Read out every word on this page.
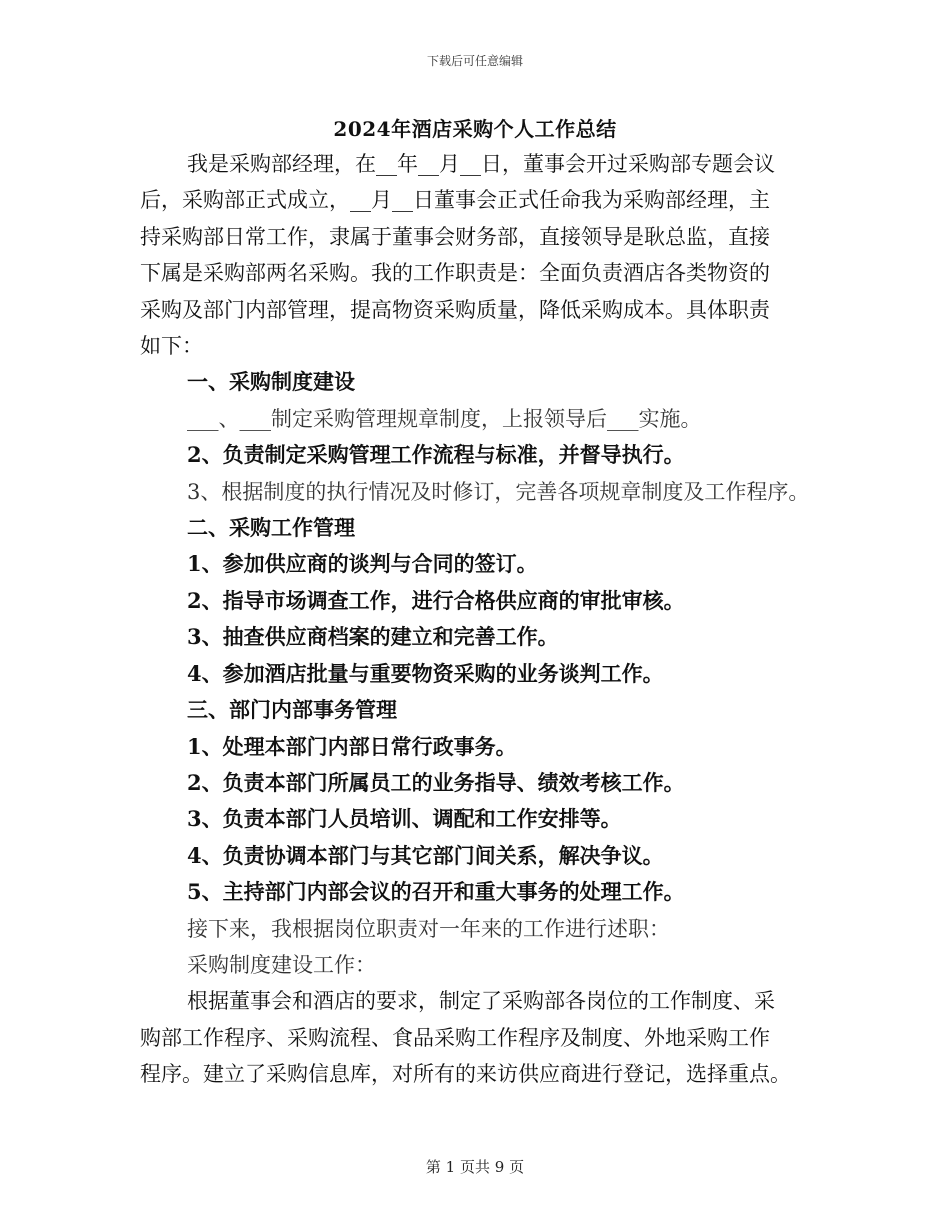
下载后可任意编辑
2024年酒店采购个人工作总结

我是采购部经理，在__年__月__日，董事会开过采购部专题会议

后，采购部正式成立，__月__日董事会正式任命我为采购部经理，主

持采购部日常工作，隶属于董事会财务部，直接领导是耿总监，直接

下属是采购部两名采购。我的工作职责是：全面负责酒店各类物资的

采购及部门内部管理，提高物资采购质量，降低采购成本。具体职责

如下：

一、采购制度建设

___、___制定采购管理规章制度，上报领导后___实施。

2、负责制定采购管理工作流程与标准，并督导执行。

3、根据制度的执行情况及时修订，完善各项规章制度及工作程序。

二、采购工作管理

1、参加供应商的谈判与合同的签订。

2、指导市场调查工作，进行合格供应商的审批审核。

3、抽查供应商档案的建立和完善工作。

4、参加酒店批量与重要物资采购的业务谈判工作。

三、部门内部事务管理

1、处理本部门内部日常行政事务。

2、负责本部门所属员工的业务指导、绩效考核工作。

3、负责本部门人员培训、调配和工作安排等。

4、负责协调本部门与其它部门间关系，解决争议。

5、主持部门内部会议的召开和重大事务的处理工作。

接下来，我根据岗位职责对一年来的工作进行述职：

采购制度建设工作：

根据董事会和酒店的要求，制定了采购部各岗位的工作制度、采

购部工作程序、采购流程、食品采购工作程序及制度、外地采购工作

程序。建立了采购信息库，对所有的来访供应商进行登记，选择重点。

第 1 页共 9 页
